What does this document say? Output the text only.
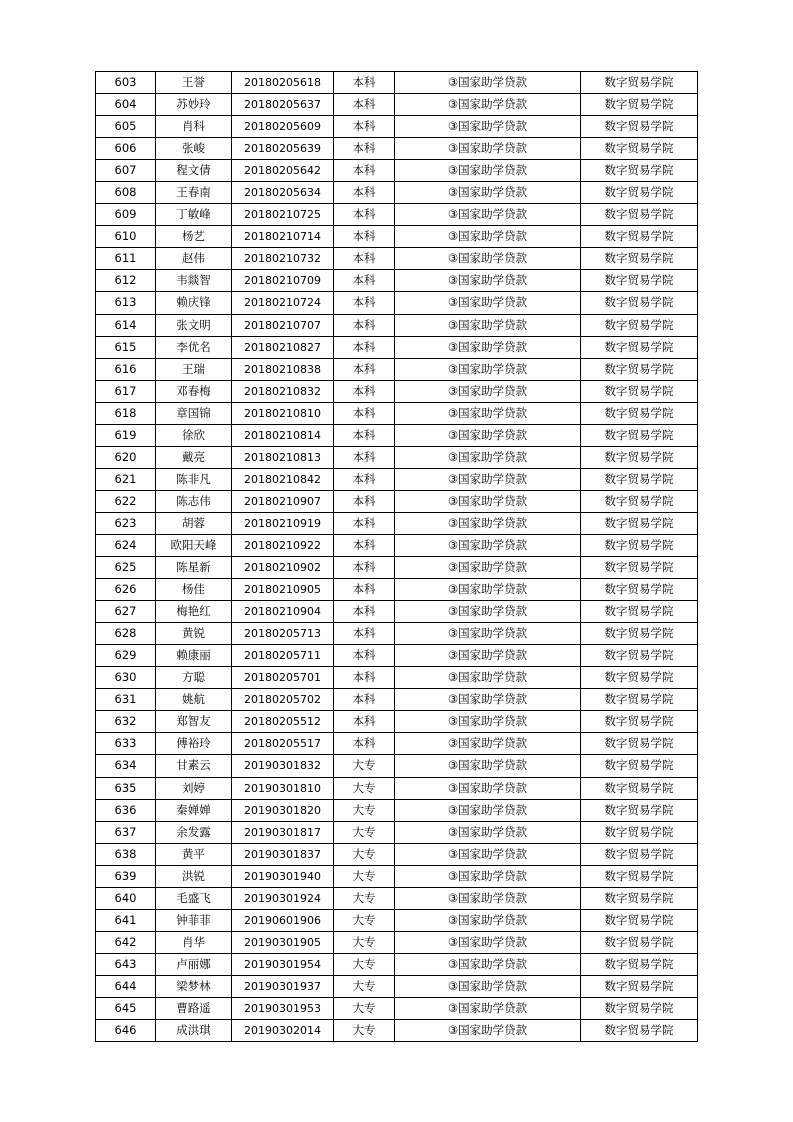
603	王誉	20180205618	本科	③国家助学贷款	数字贸易学院
604	苏妙玲	20180205637	本科	③国家助学贷款	数字贸易学院
605	肖科	20180205609	本科	③国家助学贷款	数字贸易学院
606	张峻	20180205639	本科	③国家助学贷款	数字贸易学院
607	程文倩	20180205642	本科	③国家助学贷款	数字贸易学院
608	王春南	20180205634	本科	③国家助学贷款	数字贸易学院
609	丁敏峰	20180210725	本科	③国家助学贷款	数字贸易学院
610	杨艺	20180210714	本科	③国家助学贷款	数字贸易学院
611	赵伟	20180210732	本科	③国家助学贷款	数字贸易学院
612	韦燚智	20180210709	本科	③国家助学贷款	数字贸易学院
613	赖庆锋	20180210724	本科	③国家助学贷款	数字贸易学院
614	张文明	20180210707	本科	③国家助学贷款	数字贸易学院
615	李优名	20180210827	本科	③国家助学贷款	数字贸易学院
616	王瑞	20180210838	本科	③国家助学贷款	数字贸易学院
617	邓春梅	20180210832	本科	③国家助学贷款	数字贸易学院
618	章国锦	20180210810	本科	③国家助学贷款	数字贸易学院
619	徐欣	20180210814	本科	③国家助学贷款	数字贸易学院
620	戴亮	20180210813	本科	③国家助学贷款	数字贸易学院
621	陈非凡	20180210842	本科	③国家助学贷款	数字贸易学院
622	陈志伟	20180210907	本科	③国家助学贷款	数字贸易学院
623	胡蓉	20180210919	本科	③国家助学贷款	数字贸易学院
624	欧阳天峰	20180210922	本科	③国家助学贷款	数字贸易学院
625	陈星新	20180210902	本科	③国家助学贷款	数字贸易学院
626	杨佳	20180210905	本科	③国家助学贷款	数字贸易学院
627	梅艳红	20180210904	本科	③国家助学贷款	数字贸易学院
628	黄锐	20180205713	本科	③国家助学贷款	数字贸易学院
629	赖康丽	20180205711	本科	③国家助学贷款	数字贸易学院
630	方聪	20180205701	本科	③国家助学贷款	数字贸易学院
631	姚航	20180205702	本科	③国家助学贷款	数字贸易学院
632	郑智友	20180205512	本科	③国家助学贷款	数字贸易学院
633	傅裕玲	20180205517	本科	③国家助学贷款	数字贸易学院
634	甘素云	20190301832	大专	③国家助学贷款	数字贸易学院
635	刘婷	20190301810	大专	③国家助学贷款	数字贸易学院
636	秦婵婵	20190301820	大专	③国家助学贷款	数字贸易学院
637	余发露	20190301817	大专	③国家助学贷款	数字贸易学院
638	黄平	20190301837	大专	③国家助学贷款	数字贸易学院
639	洪锐	20190301940	大专	③国家助学贷款	数字贸易学院
640	毛盛飞	20190301924	大专	③国家助学贷款	数字贸易学院
641	钟菲菲	20190601906	大专	③国家助学贷款	数字贸易学院
642	肖华	20190301905	大专	③国家助学贷款	数字贸易学院
643	卢丽娜	20190301954	大专	③国家助学贷款	数字贸易学院
644	梁梦林	20190301937	大专	③国家助学贷款	数字贸易学院
645	曹路遥	20190301953	大专	③国家助学贷款	数字贸易学院
646	成洪琪	20190302014	大专	③国家助学贷款	数字贸易学院
